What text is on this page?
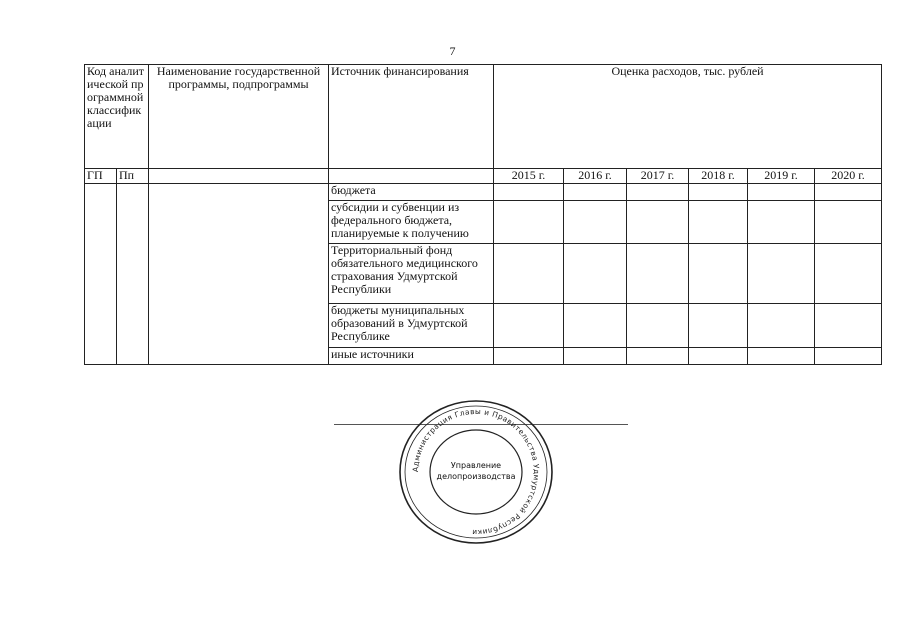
7
Код аналитической программной классификации		Наименование государственной программы, подпрограммы	Источник финансирования	Оценка расходов, тыс. рублей					
ГП	Пп			2015 г.	2016 г.	2017 г.	2018 г.	2019 г.	2020 г.
			бюджета						
			субсидии и субвенции из федерального бюджета, планируемые к получению						
			Территориальный фонд обязательного медицинского страхования Удмуртской Республики						
			бюджеты муниципальных образований в Удмуртской Республике						
			иные источники						
Администрация Главы и Правительства Удмуртской Республики
Управление
делопроизводства
